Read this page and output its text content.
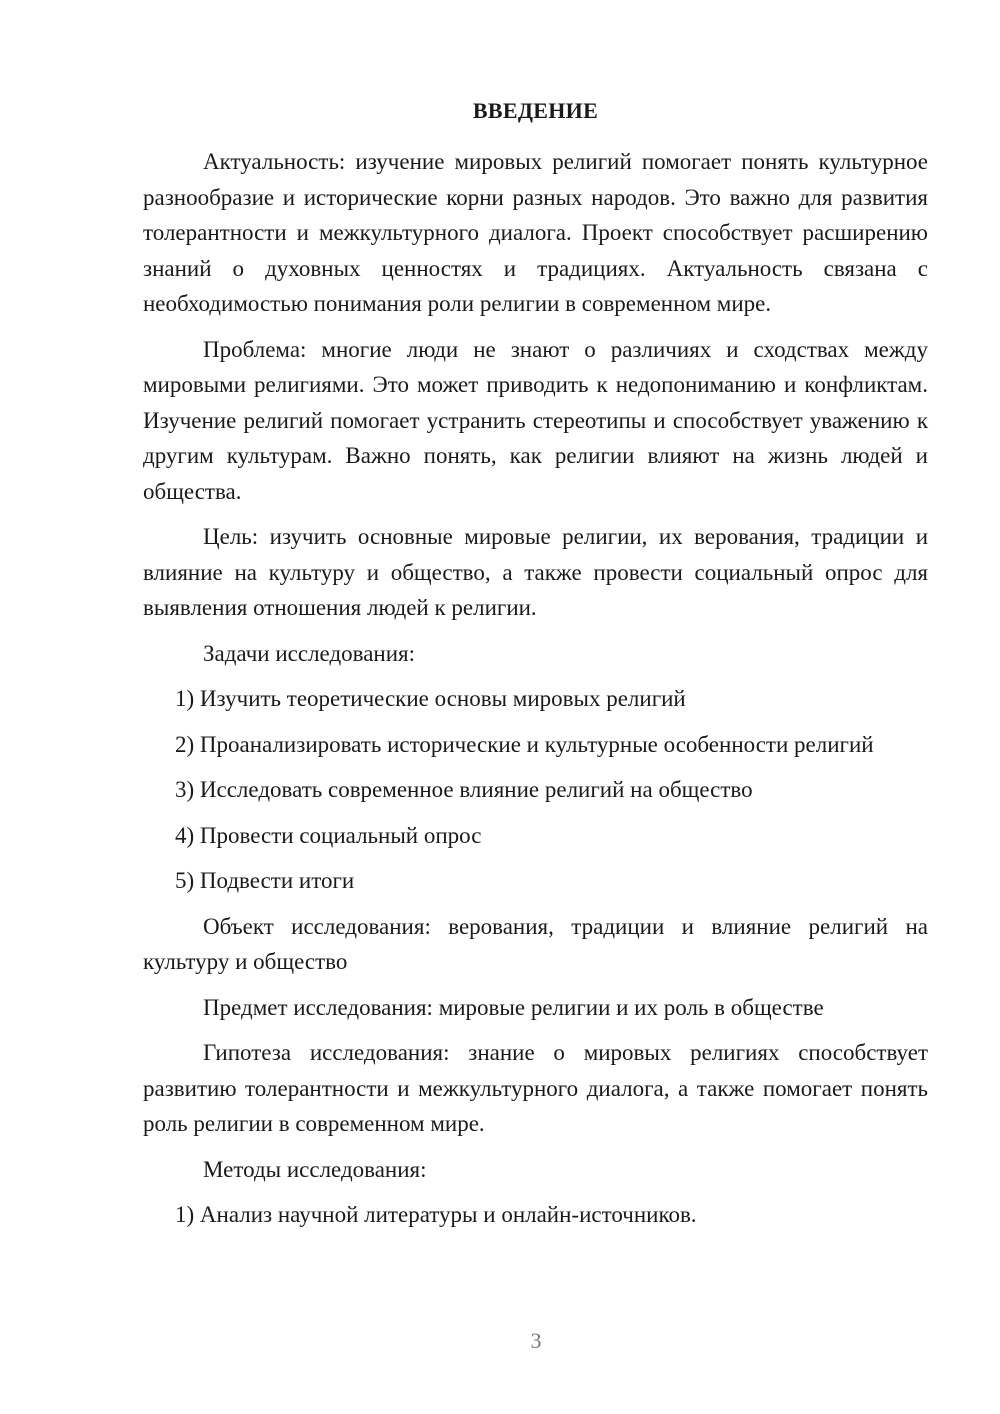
ВВЕДЕНИЕ

Актуальность: изучение мировых религий помогает понять культурное разнообразие и исторические корни разных народов. Это важно для развития толерантности и межкультурного диалога. Проект способствует расширению знаний о духовных ценностях и традициях. Актуальность связана с необходимостью понимания роли религии в современном мире.

Проблема: многие люди не знают о различиях и сходствах между мировыми религиями. Это может приводить к недопониманию и конфликтам. Изучение религий помогает устранить стереотипы и способствует уважению к другим культурам. Важно понять, как религии влияют на жизнь людей и общества.

Цель: изучить основные мировые религии, их верования, традиции и влияние на культуру и общество, а также провести социальный опрос для выявления отношения людей к религии.

Задачи исследования:

1) Изучить теоретические основы мировых религий

2) Проанализировать исторические и культурные особенности религий

3) Исследовать современное влияние религий на общество

4) Провести социальный опрос

5) Подвести итоги

Объект исследования: верования, традиции и влияние религий на культуру и общество

Предмет исследования: мировые религии и их роль в обществе

Гипотеза исследования: знание о мировых религиях способствует развитию толерантности и межкультурного диалога, а также помогает понять роль религии в современном мире.

Методы исследования:

1) Анализ научной литературы и онлайн-источников.

3
